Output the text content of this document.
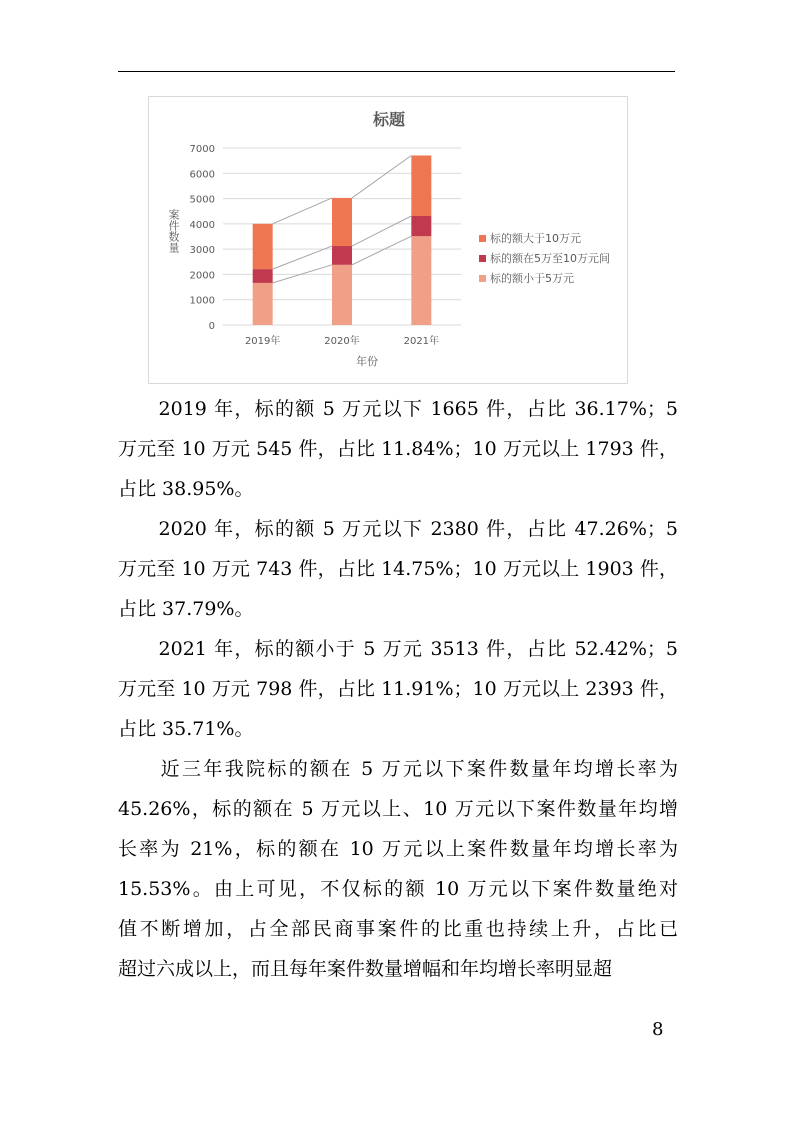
标题
案件数量
0
1000
2000
3000
4000
5000
6000
7000
2019年	2020年	2021年
年份
标的额大于10万元
标的额在5万至10万元间
标的额小于5万元

　　2019 年，标的额 5 万元以下 1665 件，占比 36.17%；5

万元至 10 万元 545 件，占比 11.84%；10 万元以上 1793 件，

占比 38.95%。

　　2020 年，标的额 5 万元以下 2380 件，占比 47.26%；5

万元至 10 万元 743 件，占比 14.75%；10 万元以上 1903 件，

占比 37.79%。

　　2021 年，标的额小于 5 万元 3513 件，占比 52.42%；5

万元至 10 万元 798 件，占比 11.91%；10 万元以上 2393 件，

占比 35.71%。

　　近三年我院标的额在 5 万元以下案件数量年均增长率为

45.26%，标的额在 5 万元以上、10 万元以下案件数量年均增

长率为 21%，标的额在 10 万元以上案件数量年均增长率为

15.53%。由上可见，不仅标的额 10 万元以下案件数量绝对

值不断增加，占全部民商事案件的比重也持续上升，占比已

超过六成以上，而且每年案件数量增幅和年均增长率明显超

8
